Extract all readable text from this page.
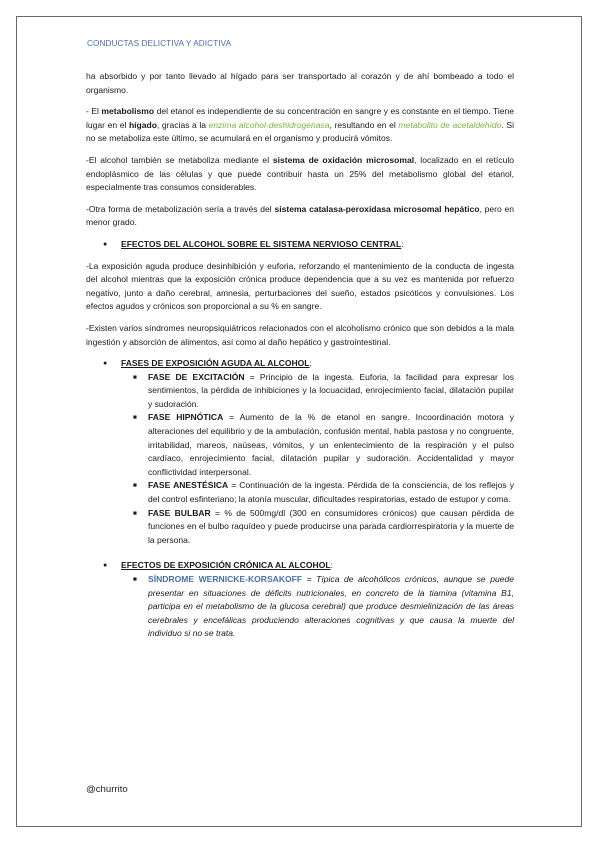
CONDUCTAS DELICTIVA Y ADICTIVA

ha absorbido y por tanto llevado al hígado para ser transportado al corazón y de ahí bombeado a todo el organismo.

- El metabolismo del etanol es independiente de su concentración en sangre y es constante en el tiempo. Tiene lugar en el hígado, gracias a la enzima alcohol-deshidrogenasa, resultando en el metabolito de acetaldehído. Si no se metaboliza este último, se acumulará en el organismo y producirá vómitos.

-El alcohol también se metaboliza mediante el sistema de oxidación microsomal, localizado en el retículo endoplásmico de las células y que puede contribuir hasta un 25% del metabolismo global del etanol, especialmente tras consumos considerables.

-Otra forma de metabolización sería a través del sistema catalasa-peroxidasa microsomal hepático, pero en menor grado.

● EFECTOS DEL ALCOHOL SOBRE EL SISTEMA NERVIOSO CENTRAL:

-La exposición aguda produce desinhibición y euforia, reforzando el mantenimiento de la conducta de ingesta del alcohol mientras que la exposición crónica produce dependencia que a su vez es mantenida por refuerzo negativo, junto a daño cerebral, amnesia, perturbaciones del sueño, estados psicóticos y convulsiones. Los efectos agudos y crónicos son proporcional a su % en sangre.

-Existen varios síndromes neuropsiquiátricos relacionados con el alcoholismo crónico que son debidos a la mala ingestión y absorción de alimentos, así como al daño hepático y gastrointestinal.

● FASES DE EXPOSICIÓN AGUDA AL ALCOHOL:
■ FASE DE EXCITACIÓN = Principio de la ingesta. Euforia, la facilidad para expresar los sentimientos, la pérdida de inhibiciones y la locuacidad, enrojecimiento facial, dilatación pupilar y sudoración.
■ FASE HIPNÓTICA = Aumento de la % de etanol en sangre. Incoordinación motora y alteraciones del equilibrio y de la ambulación, confusión mental, habla pastosa y no congruente, irritabilidad, mareos, naúseas, vómitos, y un enlentecimiento de la respiración y el pulso cardíaco, enrojecimiento facial, dilatación pupilar y sudoración. Accidentalidad y mayor conflictividad interpersonal.
■ FASE ANESTÉSICA = Continuación de la ingesta. Pérdida de la consciencia, de los reflejos y del control esfinteriano; la atonía muscular, dificultades respiratorias, estado de estupor y coma.
■ FASE BULBAR = % de 500mg/dl (300 en consumidores crónicos) que causan pérdida de funciones en el bulbo raquídeo y puede producirse una parada cardiorrespiratoria y la muerte de la persona.
● EFECTOS DE EXPOSICIÓN CRÓNICA AL ALCOHOL:
■ SÍNDROME WERNICKE-KORSAKOFF = Típica de alcohólicos crónicos, aunque se puede presentar en situaciones de déficits nutricionales, en concreto de la tiamina (vitamina B1, participa en el metabolismo de la glucosa cerebral) que produce desmielinización de las áreas cerebrales y encefálicas produciendo alteraciones cognitivas y que causa la muerte del individuo si no se trata.
@churrito
